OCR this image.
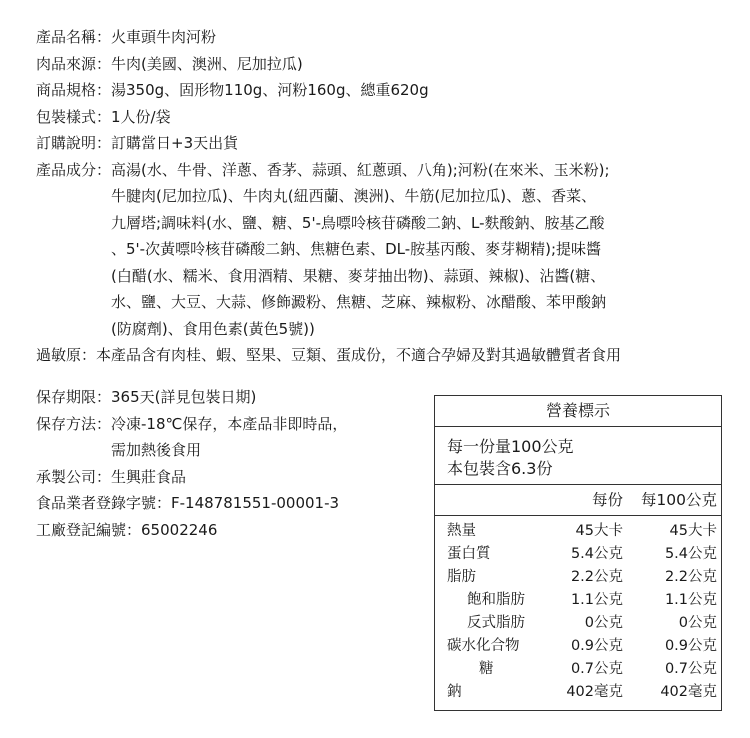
產品名稱： 火車頭牛肉河粉
肉品來源： 牛肉(美國、澳洲、尼加拉瓜)
商品規格： 湯350g、固形物110g、河粉160g、總重620g
包裝樣式： 1人份/袋
訂購說明： 訂購當日+3天出貨
產品成分： 高湯(水、牛骨、洋蔥、香茅、蒜頭、紅蔥頭、八角);河粉(在來米、玉米粉);
牛腱肉(尼加拉瓜)、牛肉丸(紐西蘭、澳洲)、牛筋(尼加拉瓜)、蔥、香菜、
九層塔;調味料(水、鹽、糖、5'-鳥嘌呤核苷磷酸二鈉、L-麩酸鈉、胺基乙酸
、5'-次黃嘌呤核苷磷酸二鈉、焦糖色素、DL-胺基丙酸、麥芽糊精);提味醬
(白醋(水、糯米、食用酒精、果糖、麥芽抽出物)、蒜頭、辣椒)、沾醬(糖、
水、鹽、大豆、大蒜、修飾澱粉、焦糖、芝麻、辣椒粉、冰醋酸、苯甲酸鈉
(防腐劑)、食用色素(黃色5號))
過敏原： 本產品含有肉桂、蝦、堅果、豆類、蛋成份，不適合孕婦及對其過敏體質者食用
保存期限： 365天(詳見包裝日期)
保存方法： 冷凍-18℃保存，本產品非即時品，
需加熱後食用
承製公司： 生興莊食品
食品業者登錄字號： F-148781551-00001-3
工廠登記編號： 65002246
營養標示
每一份量100公克
本包裝含6.3份
每份	每100公克
熱量	45大卡	45大卡
蛋白質	5.4公克	5.4公克
脂肪	2.2公克	2.2公克
飽和脂肪	1.1公克	1.1公克
反式脂肪	0公克	0公克
碳水化合物	0.9公克	0.9公克
糖	0.7公克	0.7公克
鈉	402毫克	402毫克
